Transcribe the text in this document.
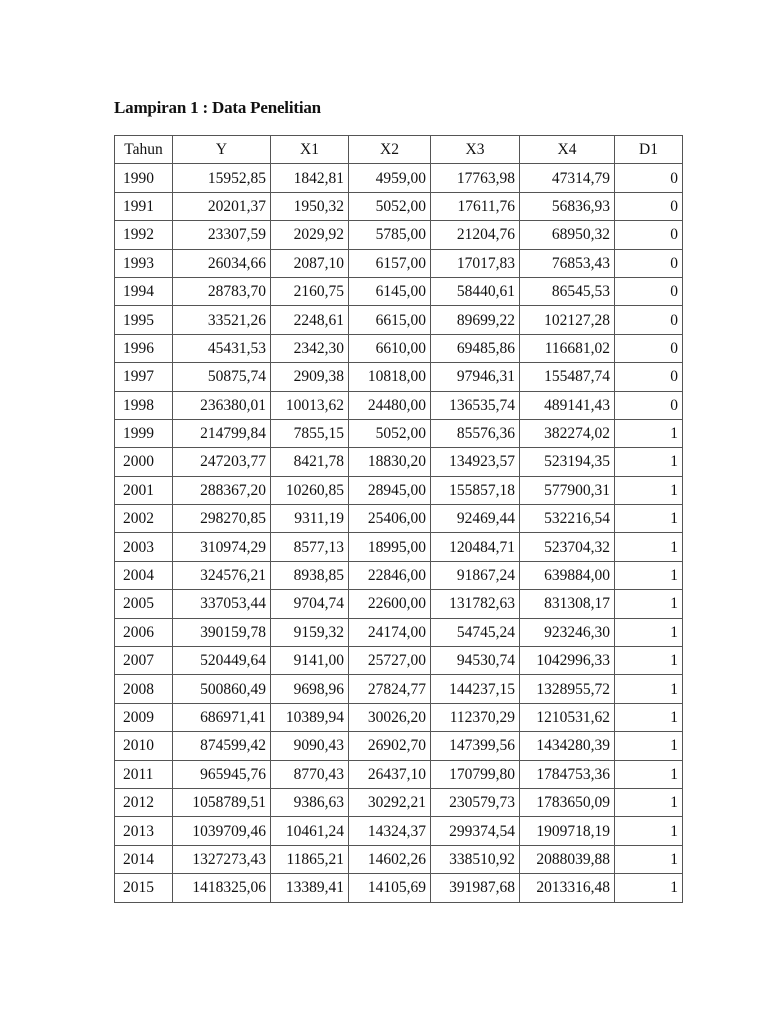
Lampiran 1 : Data Penelitian
Tahun	Y	X1	X2	X3	X4	D1
1990	15952,85	1842,81	4959,00	17763,98	47314,79	0
1991	20201,37	1950,32	5052,00	17611,76	56836,93	0
1992	23307,59	2029,92	5785,00	21204,76	68950,32	0
1993	26034,66	2087,10	6157,00	17017,83	76853,43	0
1994	28783,70	2160,75	6145,00	58440,61	86545,53	0
1995	33521,26	2248,61	6615,00	89699,22	102127,28	0
1996	45431,53	2342,30	6610,00	69485,86	116681,02	0
1997	50875,74	2909,38	10818,00	97946,31	155487,74	0
1998	236380,01	10013,62	24480,00	136535,74	489141,43	0
1999	214799,84	7855,15	5052,00	85576,36	382274,02	1
2000	247203,77	8421,78	18830,20	134923,57	523194,35	1
2001	288367,20	10260,85	28945,00	155857,18	577900,31	1
2002	298270,85	9311,19	25406,00	92469,44	532216,54	1
2003	310974,29	8577,13	18995,00	120484,71	523704,32	1
2004	324576,21	8938,85	22846,00	91867,24	639884,00	1
2005	337053,44	9704,74	22600,00	131782,63	831308,17	1
2006	390159,78	9159,32	24174,00	54745,24	923246,30	1
2007	520449,64	9141,00	25727,00	94530,74	1042996,33	1
2008	500860,49	9698,96	27824,77	144237,15	1328955,72	1
2009	686971,41	10389,94	30026,20	112370,29	1210531,62	1
2010	874599,42	9090,43	26902,70	147399,56	1434280,39	1
2011	965945,76	8770,43	26437,10	170799,80	1784753,36	1
2012	1058789,51	9386,63	30292,21	230579,73	1783650,09	1
2013	1039709,46	10461,24	14324,37	299374,54	1909718,19	1
2014	1327273,43	11865,21	14602,26	338510,92	2088039,88	1
2015	1418325,06	13389,41	14105,69	391987,68	2013316,48	1
